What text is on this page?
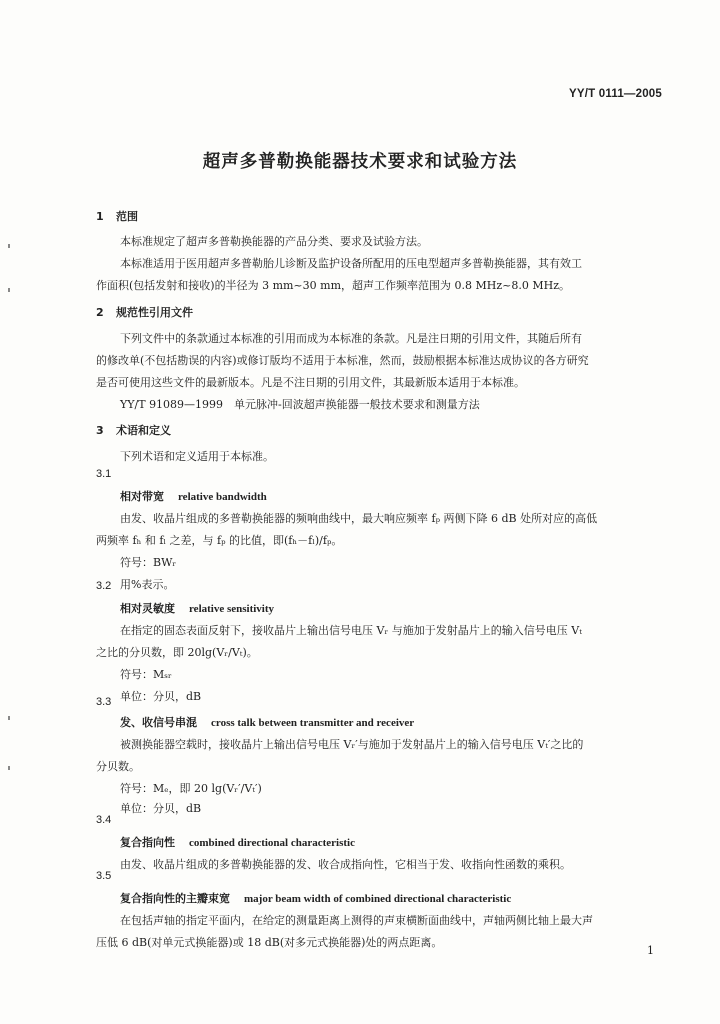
YY/T 0111—2005
超声多普勒换能器技术要求和试验方法
1 范围
本标准规定了超声多普勒换能器的产品分类、要求及试验方法。
本标准适用于医用超声多普勒胎儿诊断及监护设备所配用的压电型超声多普勒换能器，其有效工
作面积(包括发射和接收)的半径为 3 mm~30 mm，超声工作频率范围为 0.8 MHz~8.0 MHz。
2 规范性引用文件
下列文件中的条款通过本标准的引用而成为本标准的条款。凡是注日期的引用文件，其随后所有
的修改单(不包括勘误的内容)或修订版均不适用于本标准，然而，鼓励根据本标准达成协议的各方研究
是否可使用这些文件的最新版本。凡是不注日期的引用文件，其最新版本适用于本标准。
YY/T 91089—1999　单元脉冲-回波超声换能器一般技术要求和测量方法
3 术语和定义
下列术语和定义适用于本标准。
3.1
相对带宽 relative bandwidth
由发、收晶片组成的多普勒换能器的频响曲线中，最大响应频率 fₚ 两侧下降 6 dB 处所对应的高低
两频率 fₕ 和 fₗ 之差，与 fₚ 的比值，即(fₕ－fₗ)/fₚ。
符号：BWᵣ
用%表示。
3.2
相对灵敏度 relative sensitivity
在指定的固态表面反射下，接收晶片上输出信号电压 Vᵣ 与施加于发射晶片上的输入信号电压 Vₜ
之比的分贝数，即 20lg(Vᵣ/Vₜ)。
符号：Mₛᵣ
单位：分贝，dB
3.3
发、收信号串混 cross talk between transmitter and receiver
被测换能器空载时，接收晶片上输出信号电压 Vᵣ′与施加于发射晶片上的输入信号电压 Vₜ′之比的
分贝数。
符号：Mₑ，即 20 lg(Vᵣ′/Vₜ′)
单位：分贝，dB
3.4
复合指向性 combined directional characteristic
由发、收晶片组成的多普勒换能器的发、收合成指向性，它相当于发、收指向性函数的乘积。
3.5
复合指向性的主瓣束宽 major beam width of combined directional characteristic
在包括声轴的指定平面内，在给定的测量距离上测得的声束横断面曲线中，声轴两侧比轴上最大声
压低 6 dB(对单元式换能器)或 18 dB(对多元式换能器)处的两点距离。
1
